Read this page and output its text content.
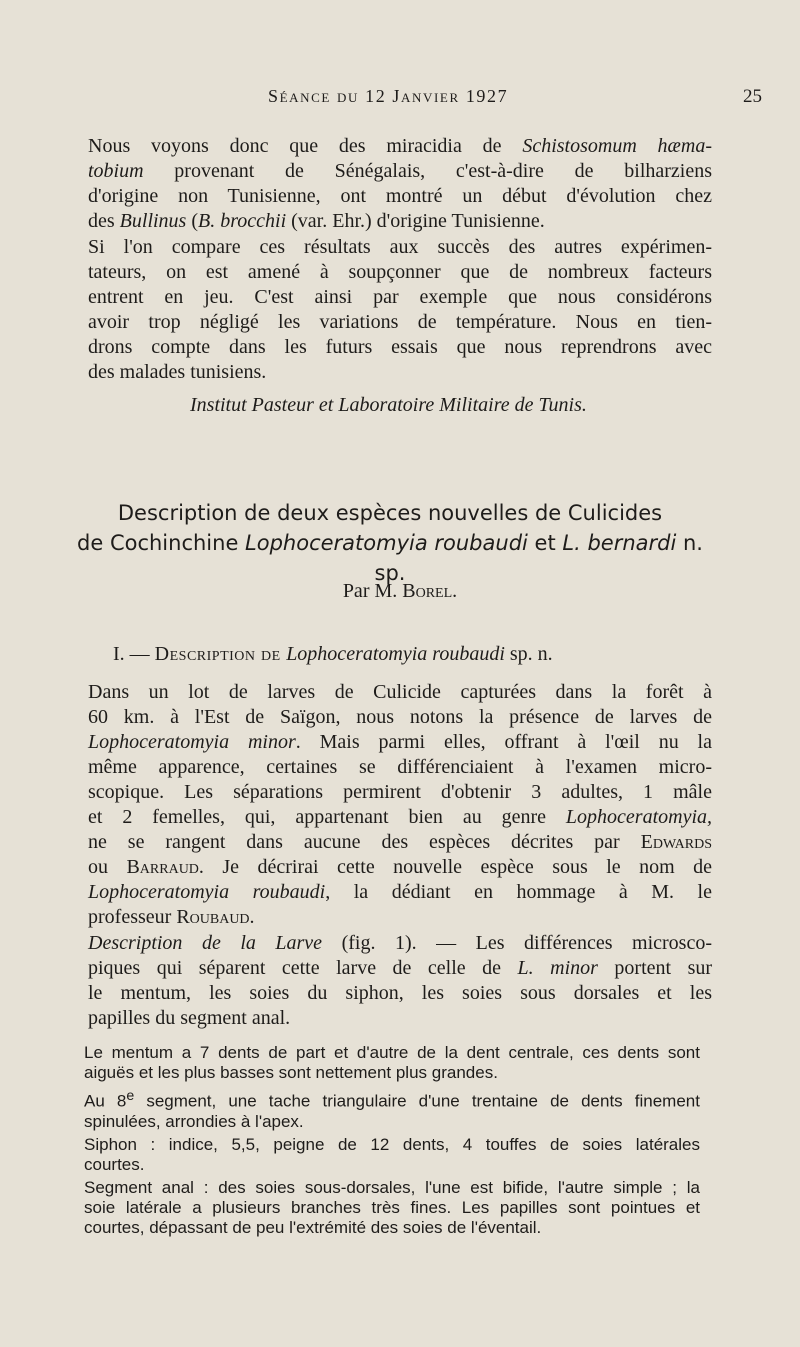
Séance du 12 Janvier 1927	25

Nous voyons donc que des miracidia de Schistosomum hæma-
tobium provenant de Sénégalais, c'est-à-dire de bilharziens
d'origine non Tunisienne, ont montré un début d'évolution chez
des Bullinus (B. brocchii (var. Ehr.) d'origine Tunisienne.

Si l'on compare ces résultats aux succès des autres expérimen-
tateurs, on est amené à soupçonner que de nombreux facteurs
entrent en jeu. C'est ainsi par exemple que nous considérons
avoir trop négligé les variations de température. Nous en tien-
drons compte dans les futurs essais que nous reprendrons avec
des malades tunisiens.

Institut Pasteur et Laboratoire Militaire de Tunis.
Description de deux espèces nouvelles de Culicides
de Cochinchine Lophoceratomyia roubaudi et L. bernardi n. sp.
Par M. Borel.
I. — Description de Lophoceratomyia roubaudi sp. n.

Dans un lot de larves de Culicide capturées dans la forêt à
60 km. à l'Est de Saïgon, nous notons la présence de larves de
Lophoceratomyia minor. Mais parmi elles, offrant à l'œil nu la
même apparence, certaines se différenciaient à l'examen micro-
scopique. Les séparations permirent d'obtenir 3 adultes, 1 mâle
et 2 femelles, qui, appartenant bien au genre Lophoceratomyia,
ne se rangent dans aucune des espèces décrites par Edwards
ou Barraud. Je décrirai cette nouvelle espèce sous le nom de
Lophoceratomyia roubaudi, la dédiant en hommage à M. le
professeur Roubaud.

Description de la Larve (fig. 1). — Les différences microsco-
piques qui séparent cette larve de celle de L. minor portent sur
le mentum, les soies du siphon, les soies sous dorsales et les
papilles du segment anal.

Le mentum a 7 dents de part et d'autre de la dent centrale, ces dents sont
aiguës et les plus basses sont nettement plus grandes.

Au 8e segment, une tache triangulaire d'une trentaine de dents finement
spinulées, arrondies à l'apex.

Siphon : indice, 5,5, peigne de 12 dents, 4 touffes de soies latérales
courtes.

Segment anal : des soies sous-dorsales, l'une est bifide, l'autre simple ; la
soie latérale a plusieurs branches très fines. Les papilles sont pointues et
courtes, dépassant de peu l'extrémité des soies de l'éventail.
